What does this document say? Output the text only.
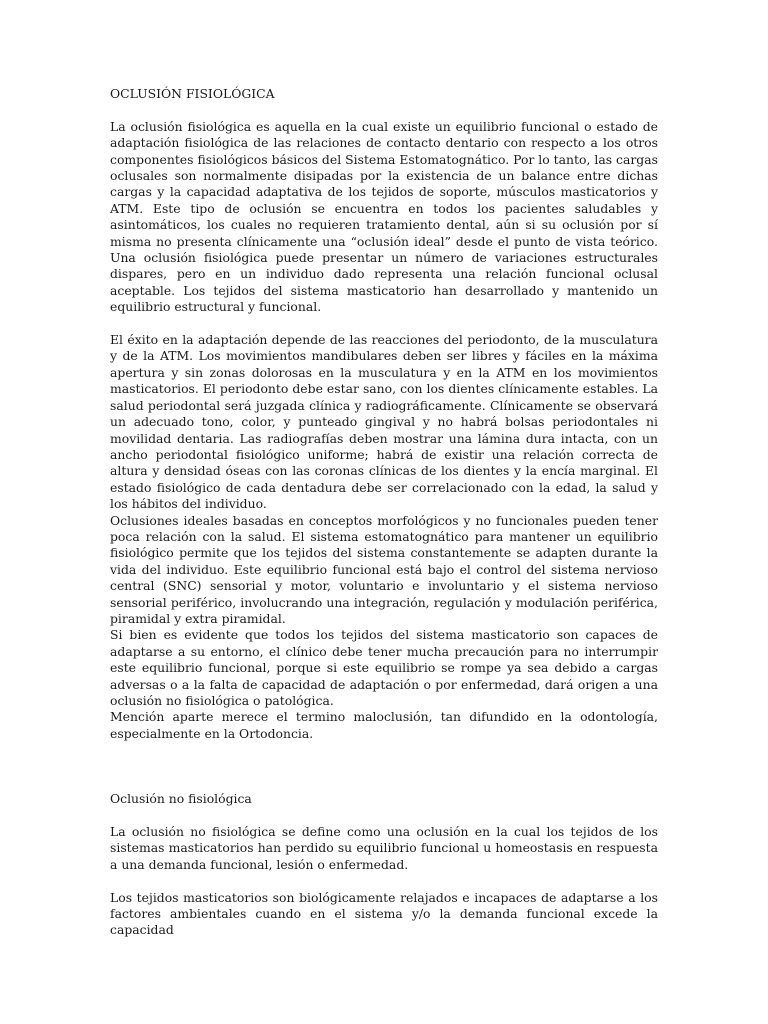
OCLUSIÓN FISIOLÓGICA

La oclusión fisiológica es aquella en la cual existe un equilibrio funcional o estado de adaptación fisiológica de las relaciones de contacto dentario con respecto a los otros componentes fisiológicos básicos del Sistema Estomatognático. Por lo tanto, las cargas oclusales son normalmente disipadas por la existencia de un balance entre dichas cargas y la capacidad adaptativa de los tejidos de soporte, músculos masticatorios y ATM. Este tipo de oclusión se encuentra en todos los pacientes saludables y asintomáticos, los cuales no requieren tratamiento dental, aún si su oclusión por sí misma no presenta clínicamente una “oclusión ideal” desde el punto de vista teórico. Una oclusión fisiológica puede presentar un número de variaciones estructurales dispares, pero en un individuo dado representa una relación funcional oclusal aceptable. Los tejidos del sistema masticatorio han desarrollado y mantenido un equilibrio estructural y funcional.

El éxito en la adaptación depende de las reacciones del periodonto, de la musculatura y de la ATM. Los movimientos mandibulares deben ser libres y fáciles en la máxima apertura y sin zonas dolorosas en la musculatura y en la ATM en los movimientos masticatorios. El periodonto debe estar sano, con los dientes clínicamente estables. La salud periodontal será juzgada clínica y radiográficamente. Clínicamente se observará un adecuado tono, color, y punteado gingival y no habrá bolsas periodontales ni movilidad dentaria. Las radiografías deben mostrar una lámina dura intacta, con un ancho periodontal fisiológico uniforme; habrá de existir una relación correcta de altura y densidad óseas con las coronas clínicas de los dientes y la encía marginal. El estado fisiológico de cada dentadura debe ser correlacionado con la edad, la salud y los hábitos del individuo.

Oclusiones ideales basadas en conceptos morfológicos y no funcionales pueden tener poca relación con la salud. El sistema estomatognático para mantener un equilibrio fisiológico permite que los tejidos del sistema constantemente se adapten durante la vida del individuo. Este equilibrio funcional está bajo el control del sistema nervioso central (SNC) sensorial y motor, voluntario e involuntario y el sistema nervioso sensorial periférico, involucrando una integración, regulación y modulación periférica, piramidal y extra piramidal.

Si bien es evidente que todos los tejidos del sistema masticatorio son capaces de adaptarse a su entorno, el clínico debe tener mucha precaución para no interrumpir este equilibrio funcional, porque si este equilibrio se rompe ya sea debido a cargas adversas o a la falta de capacidad de adaptación o por enfermedad, dará origen a una oclusión no fisiológica o patológica.

Mención aparte merece el termino maloclusión, tan difundido en la odontología, especialmente en la Ortodoncia.

Oclusión no fisiológica

La oclusión no fisiológica se define como una oclusión en la cual los tejidos de los sistemas masticatorios han perdido su equilibrio funcional u homeostasis en respuesta a una demanda funcional, lesión o enfermedad.

Los tejidos masticatorios son biológicamente relajados e incapaces de adaptarse a los factores ambientales cuando en el sistema y/o la demanda funcional excede la capacidad
